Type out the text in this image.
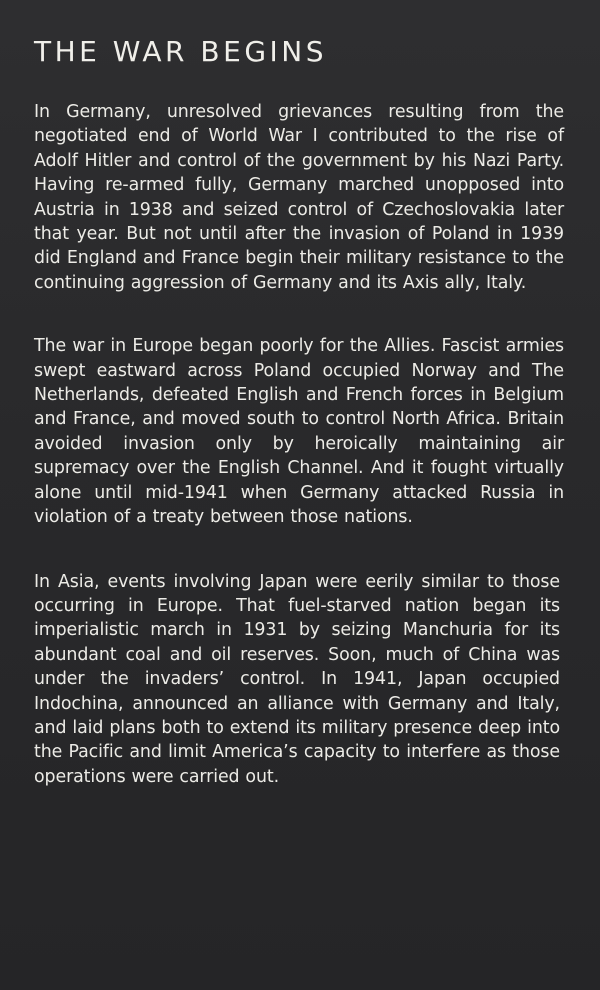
THE WAR BEGINS

In Germany, unresolved grievances resulting from the negotiated end of World War I contributed to the rise of Adolf Hitler and control of the government by his Nazi Party. Having re-armed fully, Germany marched unopposed into Austria in 1938 and seized control of Czechoslovakia later that year. But not until after the invasion of Poland in 1939 did England and France begin their military resistance to the continuing aggression of Germany and its Axis ally, Italy.

The war in Europe began poorly for the Allies. Fascist armies swept eastward across Poland occupied Norway and The Netherlands, defeated English and French forces in Belgium and France, and moved south to control North Africa. Britain avoided invasion only by heroically maintaining air supremacy over the English Channel. And it fought virtually alone until mid-1941 when Germany attacked Russia in violation of a treaty between those nations.

In Asia, events involving Japan were eerily similar to those occurring in Europe. That fuel-starved nation began its imperialistic march in 1931 by seizing Manchuria for its abundant coal and oil reserves. Soon, much of China was under the invaders’ control. In 1941, Japan occupied Indochina, announced an alliance with Germany and Italy, and laid plans both to extend its military presence deep into the Pacific and limit America’s capacity to interfere as those operations were carried out.
